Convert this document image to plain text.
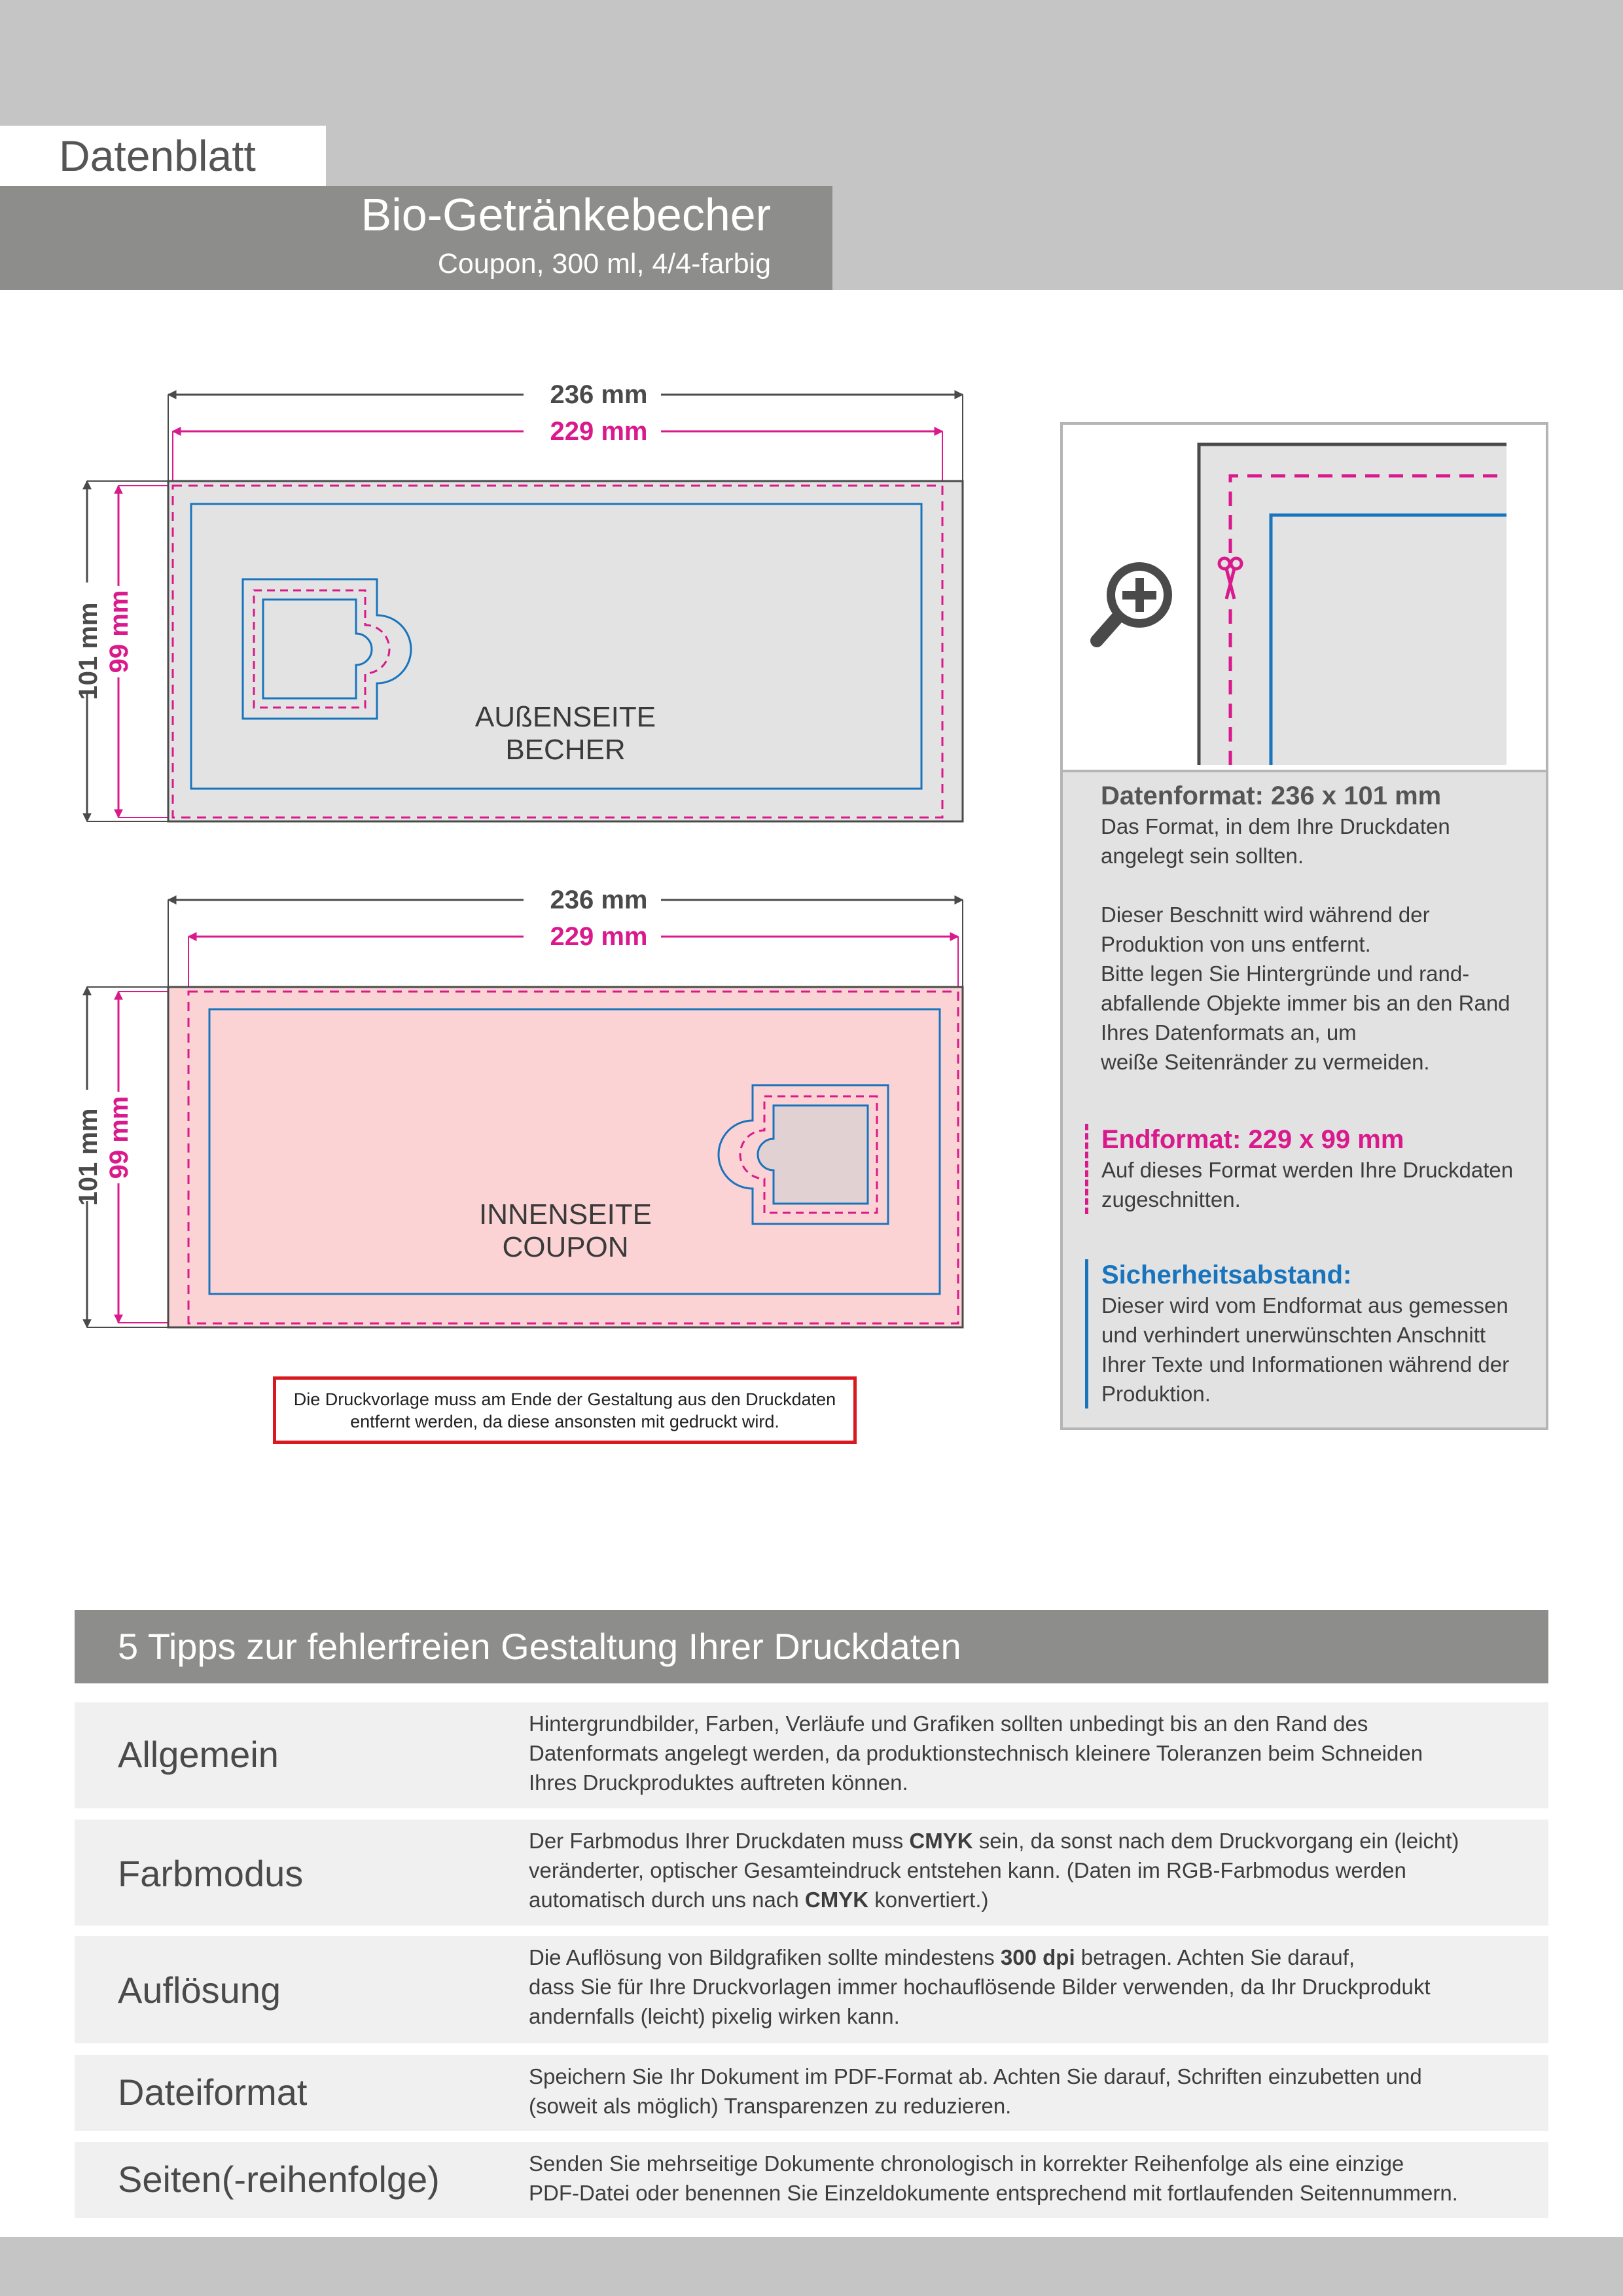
Datenblatt
Bio-Getränkebecher
Coupon, 300 ml, 4/4-farbig
236 mm
229 mm
101 mm 99 mm
AUßENSEITE
BECHER
236 mm
229 mm
101 mm 99 mm
INNENSEITE
COUPON
Die Druckvorlage muss am Ende der Gestaltung aus den Druckdaten entfernt werden, da diese ansonsten mit gedruckt wird.
Datenformat: 236 x 101 mm
Das Format, in dem Ihre Druckdaten
angelegt sein sollten.
Dieser Beschnitt wird während der
Produktion von uns entfernt.
Bitte legen Sie Hintergründe und rand-
abfallende Objekte immer bis an den Rand
Ihres Datenformats an, um
weiße Seitenränder zu vermeiden.
Endformat: 229 x 99 mm
Auf dieses Format werden Ihre Druckdaten
zugeschnitten.
Sicherheitsabstand:
Dieser wird vom Endformat aus gemessen
und verhindert unerwünschten Anschnitt
Ihrer Texte und Informationen während der
Produktion.
5 Tipps zur fehlerfreien Gestaltung Ihrer Druckdaten
Allgemein
Hintergrundbilder, Farben, Verläufe und Grafiken sollten unbedingt bis an den Rand des
Datenformats angelegt werden, da produktionstechnisch kleinere Toleranzen beim Schneiden
Ihres Druckproduktes auftreten können.
Farbmodus
Der Farbmodus Ihrer Druckdaten muss CMYK sein, da sonst nach dem Druckvorgang ein (leicht)
veränderter, optischer Gesamteindruck entstehen kann. (Daten im RGB-Farbmodus werden
automatisch durch uns nach CMYK konvertiert.)
Auflösung
Die Auflösung von Bildgrafiken sollte mindestens 300 dpi betragen. Achten Sie darauf,
dass Sie für Ihre Druckvorlagen immer hochauflösende Bilder verwenden, da Ihr Druckprodukt
andernfalls (leicht) pixelig wirken kann.
Dateiformat	Speichern Sie Ihr Dokument im PDF-Format ab. Achten Sie darauf, Schriften einzubetten und
(soweit als möglich) Transparenzen zu reduzieren.
Seiten(-reihenfolge)	Senden Sie mehrseitige Dokumente chronologisch in korrekter Reihenfolge als eine einzige
PDF-Datei oder benennen Sie Einzeldokumente entsprechend mit fortlaufenden Seitennummern.
